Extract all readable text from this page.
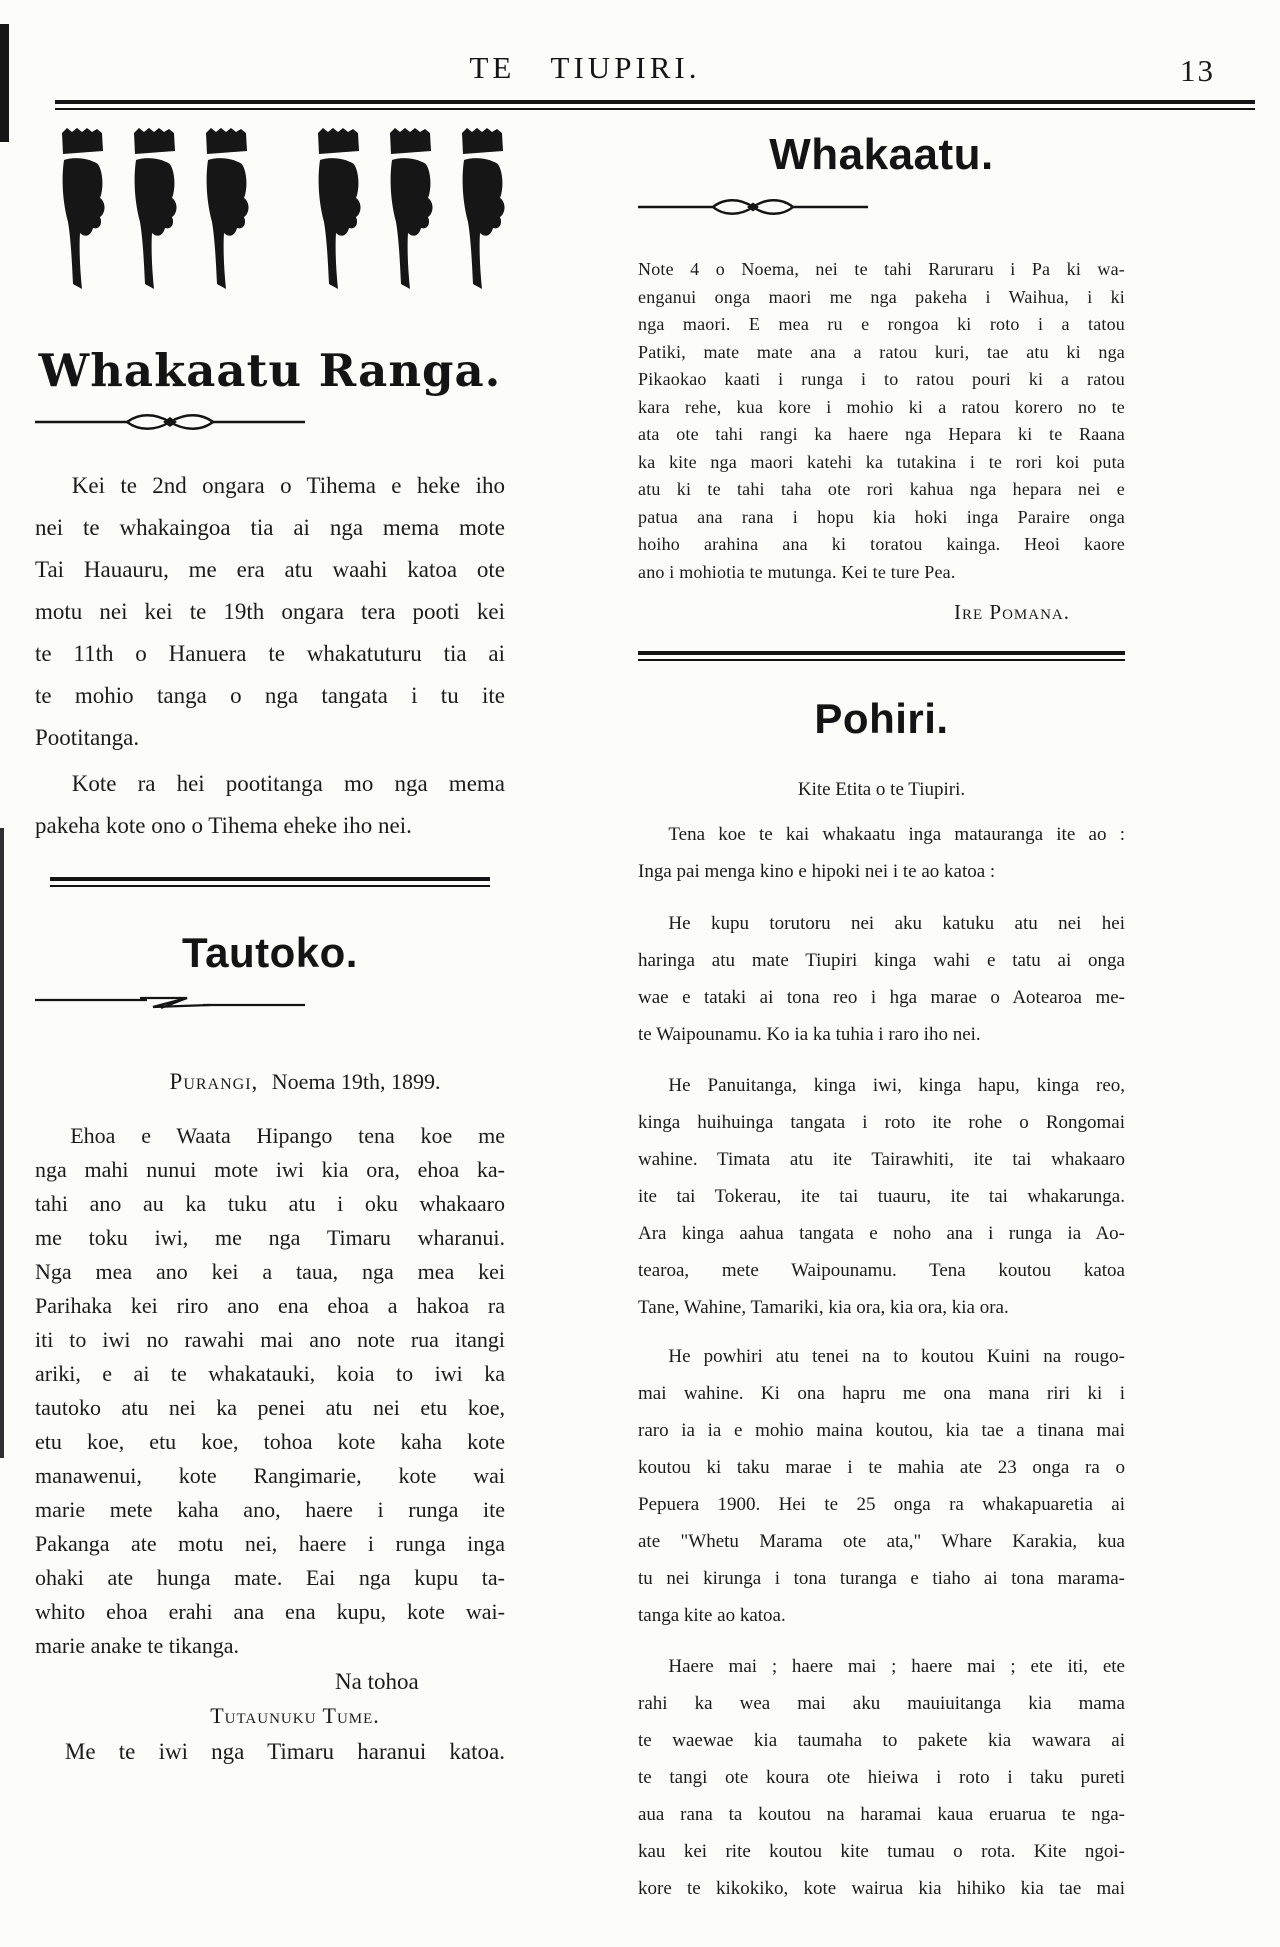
TE TIUPIRI.	13
Whakaatu Ranga.
Kei te 2nd ongara o Tihema e heke iho
nei te whakaingoa tia ai nga mema mote
Tai Hauauru, me era atu waahi katoa ote
motu nei kei te 19th ongara tera pooti kei
te 11th o Hanuera te whakatuturu tia ai
te mohio tanga o nga tangata i tu ite
Pootitanga.
Kote ra hei pootitanga mo nga mema
pakeha kote ono o Tihema eheke iho nei.
Tautoko.
Purangi, Noema 19th, 1899.
Ehoa e Waata Hipango tena koe me
nga mahi nunui mote iwi kia ora, ehoa ka-
tahi ano au ka tuku atu i oku whakaaro
me toku iwi, me nga Timaru wharanui.
Nga mea ano kei a taua, nga mea kei
Parihaka kei riro ano ena ehoa a hakoa ra
iti to iwi no rawahi mai ano note rua itangi
ariki, e ai te whakatauki, koia to iwi ka
tautoko atu nei ka penei atu nei etu koe,
etu koe, etu koe, tohoa kote kaha kote
manawenui, kote Rangimarie, kote wai
marie mete kaha ano, haere i runga ite
Pakanga ate motu nei, haere i runga inga
ohaki ate hunga mate. Eai nga kupu ta-
whito ehoa erahi ana ena kupu, kote wai-
marie anake te tikanga.
Na tohoa
Tutaunuku Tume.
Me te iwi nga Timaru haranui katoa.
Whakaatu.
Note 4 o Noema, nei te tahi Raruraru i Pa ki wa-
enganui onga maori me nga pakeha i Waihua, i ki
nga maori. E mea ru e rongoa ki roto i a tatou
Patiki, mate mate ana a ratou kuri, tae atu ki nga
Pikaokao kaati i runga i to ratou pouri ki a ratou
kara rehe, kua kore i mohio ki a ratou korero no te
ata ote tahi rangi ka haere nga Hepara ki te Raana
ka kite nga maori katehi ka tutakina i te rori koi puta
atu ki te tahi taha ote rori kahua nga hepara nei e
patua ana rana i hopu kia hoki inga Paraire onga
hoiho arahina ana ki toratou kainga. Heoi kaore
ano i mohiotia te mutunga. Kei te ture Pea.
Ire Pomana.
Pohiri.
Kite Etita o te Tiupiri.
Tena koe te kai whakaatu inga matauranga ite ao :
Inga pai menga kino e hipoki nei i te ao katoa :
He kupu torutoru nei aku katuku atu nei hei
haringa atu mate Tiupiri kinga wahi e tatu ai onga
wae e tataki ai tona reo i hga marae o Aotearoa me-
te Waipounamu. Ko ia ka tuhia i raro iho nei.
He Panuitanga, kinga iwi, kinga hapu, kinga reo,
kinga huihuinga tangata i roto ite rohe o Rongomai
wahine. Timata atu ite Tairawhiti, ite tai whakaaro
ite tai Tokerau, ite tai tuauru, ite tai whakarunga.
Ara kinga aahua tangata e noho ana i runga ia Ao-
tearoa, mete Waipounamu. Tena koutou katoa
Tane, Wahine, Tamariki, kia ora, kia ora, kia ora.
He powhiri atu tenei na to koutou Kuini na rougo-
mai wahine. Ki ona hapru me ona mana riri ki i
raro ia ia e mohio maina koutou, kia tae a tinana mai
koutou ki taku marae i te mahia ate 23 onga ra o
Pepuera 1900. Hei te 25 onga ra whakapuaretia ai
ate "Whetu Marama ote ata," Whare Karakia, kua
tu nei kirunga i tona turanga e tiaho ai tona marama-
tanga kite ao katoa.
Haere mai ; haere mai ; haere mai ; ete iti, ete
rahi ka wea mai aku mauiuitanga kia mama
te waewae kia taumaha to pakete kia wawara ai
te tangi ote koura ote hieiwa i roto i taku pureti
aua rana ta koutou na haramai kaua eruarua te nga-
kau kei rite koutou kite tumau o rota. Kite ngoi-
kore te kikokiko, kote wairua kia hihiko kia tae mai
